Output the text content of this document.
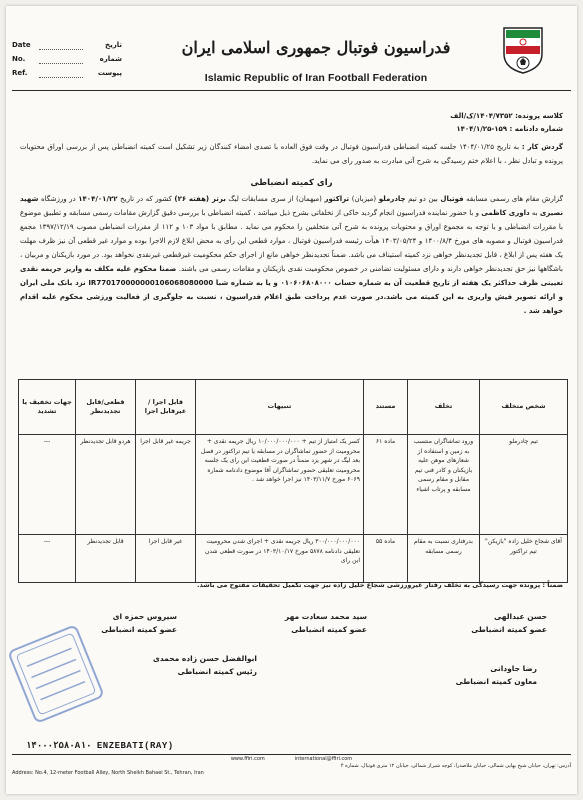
تاریخ
Date
شماره
No.
پیوست
Ref.
فدراسیون فوتبال جمهوری اسلامی ایران
Islamic Republic of Iran Football Federation
کلاسه پرونده: ۱۴۰۴/۷۳۵۲/ک/الف
شماره دادنامه : ۱۵۹-۱۴۰۴/۱/۲۵
گردش کار : به تاریخ ۱۴۰۴/۰۱/۲۵ جلسه کمیته انضباطی فدراسیون فوتبال در وقت فوق العاده با تصدی امضاء کنندگان زیر تشکیل است کمیته انضباطی پس از بررسی اوراق محتویات پرونده و تبادل نظر ، با اعلام ختم رسیدگی به شرح آتی مبادرت به صدور رای می نماید.
رای کمیته انضباطی
گزارش مقام های رسمی مسابقه فوتبال بین دو تیم چادرملو (میزبان) تراکتور (میهمان) از سری مسابقات لیگ برتر (هفته ۲۶) کشور که در تاریخ ۱۴۰۴/۰۱/۲۲ در ورزشگاه شهید نصیری به داوری کاظمی و با حضور نماینده فدراسیون انجام گردید حاکی از تخلفاتی بشرح ذیل میباشد ، کمیته انضباطی با بررسی دقیق گزارش مقامات رسمی مسابقه و تطبیق موضوع با مقررات انضباطی و با توجه به مجموع اوراق و محتویات پرونده به شرح آتی متخلفین را محکوم می نماید . مطابق با مواد ۱۰۳ و ۱۱۲ از مقررات انضباطی مصوب ۱۳۹۷/۱۲/۱۹ مجمع فدراسیون فوتبال و مصوبه های مورخ ۱۴۰۰/۸/۴ و ۱۴۰۳/۰۵/۲۴ هیأت رئیسه فدراسیون فوتبال ، موارد قطعی این رأی به محض ابلاغ لازم الاجرا بوده و موارد غیر قطعی آن نیز ظرف مهلت یک هفته پس از ابلاغ ، قابل تجدیدنظر خواهی نزد کمیته استیناف می باشد. ضمناً تجدیدنظر خواهی مانع از اجرای حکم محکومیت غیرقطعی غیرنقدی نخواهد بود. در مورد بازیکنان و مربیان ، باشگاهها نیز حق تجدیدنظر خواهی دارند و دارای مسئولیت تضامنی در خصوص محکومیت نقدی بازیکنان و مقامات رسمی می باشند. ضمنا محکوم علیه مکلف به واریز جریمه نقدی تعیینی ظرف حداکثر یک هفته از تاریخ قطعیت آن به شماره حساب ۰۱۰۶۰۶۸۰۸۰۰۰ و یا به شماره شبا IR770170000000106068080000 نزد بانک ملی ایران و ارائه تصویر فیش واریزی به این کمیته می باشد.در صورت عدم پرداخت طبق اعلام فدراسیون ، نسبت به جلوگیری از فعالیت ورزشی محکوم علیه اقدام خواهد شد .
شخص متخلف	تخلف	مستند	تنبیهات	قابل اجرا /غیرقابل اجرا	قطعی/قابل تجدیدنظر	جهات تخفیف یا تشدید
تیم چادرملو	ورود تماشاگران منتسب به زمین و استفاده از شعارهای موهن علیه بازیکنان و کادر فنی تیم مقابل و مقام رسمی مسابقه و پرتاب اشیاء	ماده ۶۱	کسر یک امتیاز از تیم + ۱۰/۰۰۰/۰۰۰/۰۰۰ ریال جریمه نقدی + محرومیت از حضور تماشاگران در مسابقه یا تیم تراکتور در فصل بعد لیگ در شهر یزد ضمناً در صورت قطعیت این رای یک جلسه محرومیت تعلیقی حضور تماشاگران آقا موضوع دادنامه شماره ۶۰۶۹ مورخ ۱۴۰۳/۱۱/۷ نیز اجرا خواهد شد .	جریمه غیر قابل اجرا	هردو قابل تجدیدنظر	---
آقای شجاع خلیل زاده "بازیکن" تیم تراکتور	بدرفتاری نسبت به مقام رسمی مسابقه	ماده ۵۵	۳۰۰/۰۰۰/۰۰۰/۰۰۰ ریال جریمه نقدی + اجرای شدن محرومیت تعلیقی دادنامه ۵۸۷۸ مورخ ۱۴۰۳/۱۰/۱۷ در صورت قطعی شدن این رای	غیر قابل اجرا	قابل تجدیدنظر	---
ضمناً : پرونده جهت رسیدگی به تخلف رفتار غیرورزشی شجاع خلیل زاده نیز جهت تکمیل تحقیقات مفتوح می باشد.
حسن عبدالهی
عضو کمیته انضباطی
سید محمد سعادت مهر
عضو کمیته انضباطی
سیروس حمزه ای
عضو کمیته انضباطی
رضا جاودانی
معاون کمیته انضباطی
ابوالفضل حسن زاده محمدی
رئیس کمیته انضباطی
۱۴۰۰۰۲۵۸۰A۱۰ ENZEBATI(RAY)
www.ffiri.com	international@ffiri.com
آدرس: تهران، خیابان شیخ بهایی شمالی، خیابان ملاصدرا، کوچه شیراز شمالی، خیابان ۱۲ متری فوتبال، شماره ۴
Address: No.4, 12-meter Football Alley, North Sheikh Bahaei St., Tehran, Iran
